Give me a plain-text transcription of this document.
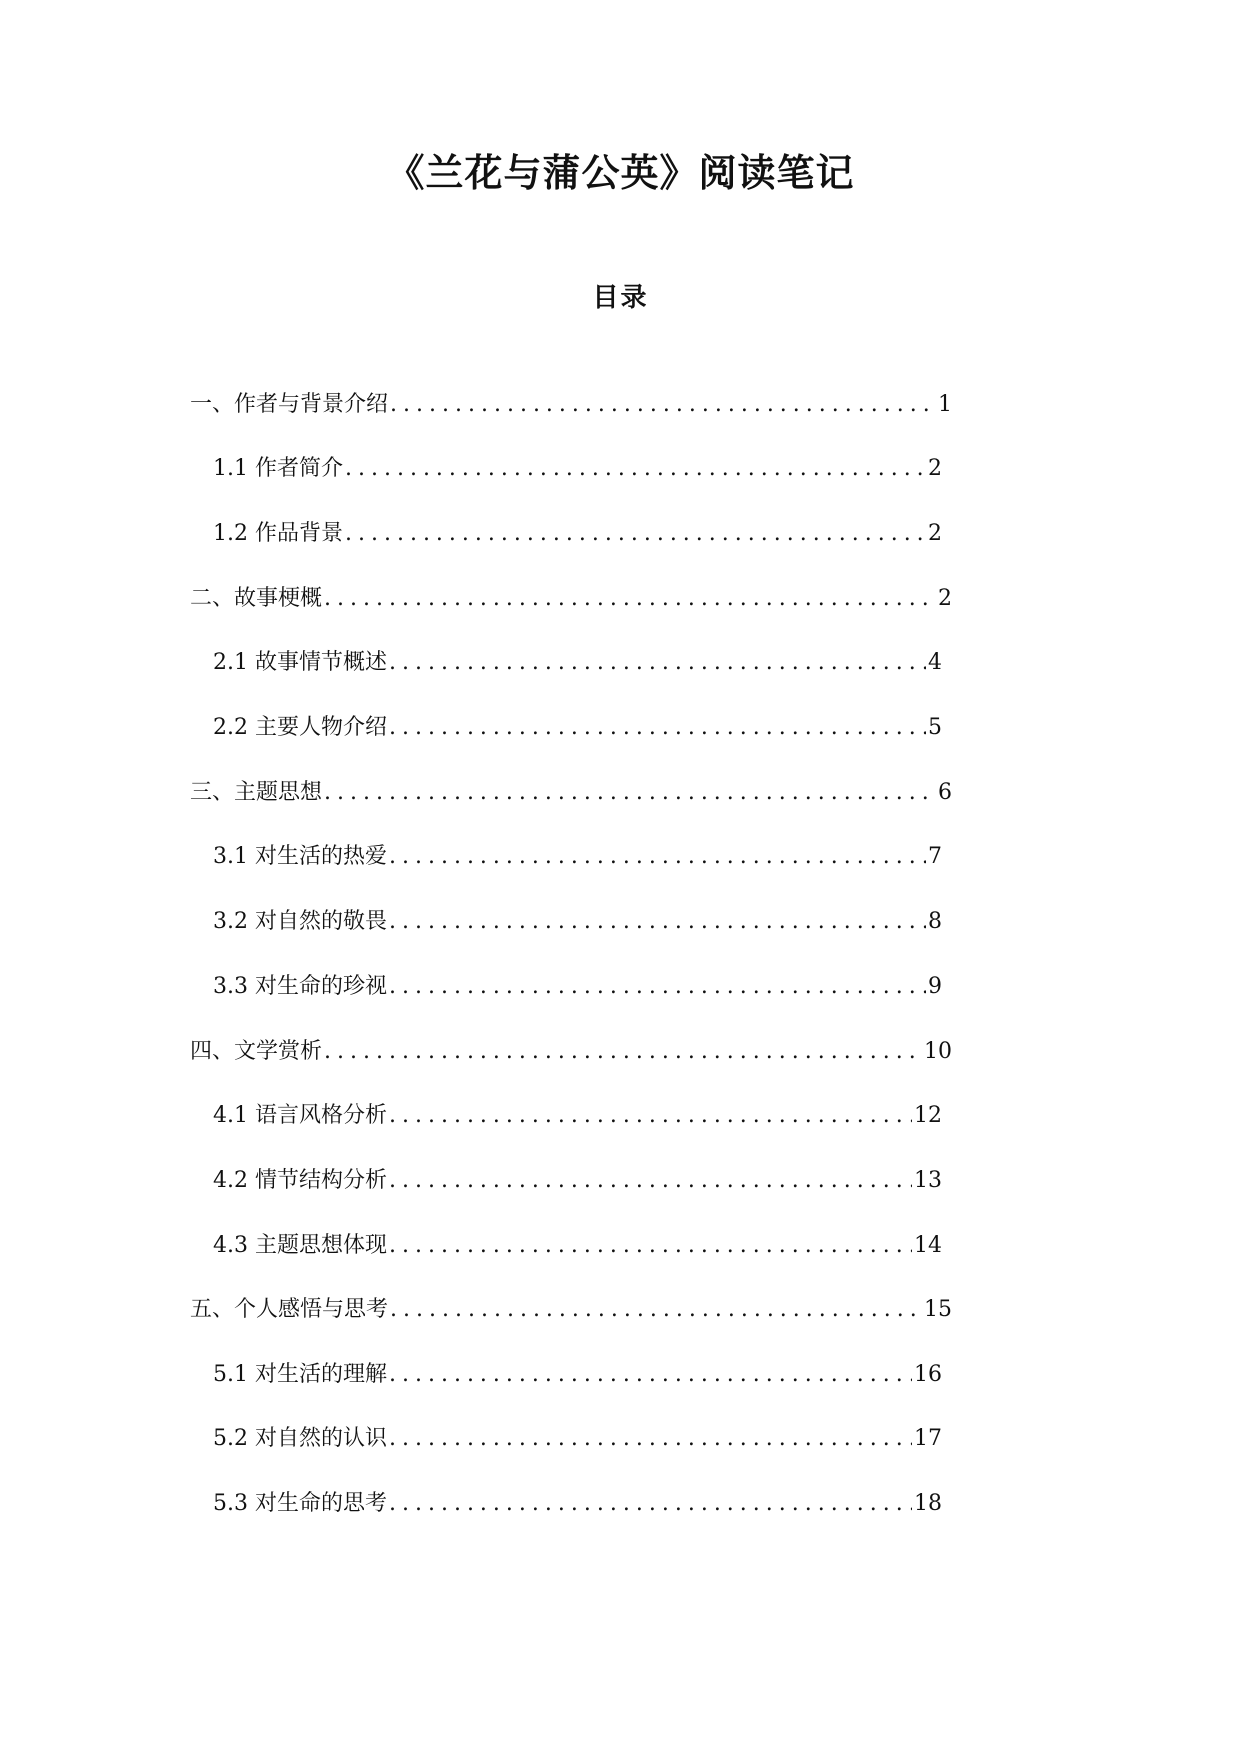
《兰花与蒲公英》阅读笔记
目录
一、作者与背景介绍 .....	1
1.1 作者简介 .....	2
1.2 作品背景 .....	2
二、故事梗概 .....	2
2.1 故事情节概述 .....	4
2.2 主要人物介绍 .....	5
三、主题思想 .....	6
3.1 对生活的热爱 .....	7
3.2 对自然的敬畏 .....	8
3.3 对生命的珍视 .....	9
四、文学赏析 .....	10
4.1 语言风格分析 .....	12
4.2 情节结构分析 .....	13
4.3 主题思想体现 .....	14
五、个人感悟与思考 .....	15
5.1 对生活的理解 .....	16
5.2 对自然的认识 .....	17
5.3 对生命的思考 .....	18
